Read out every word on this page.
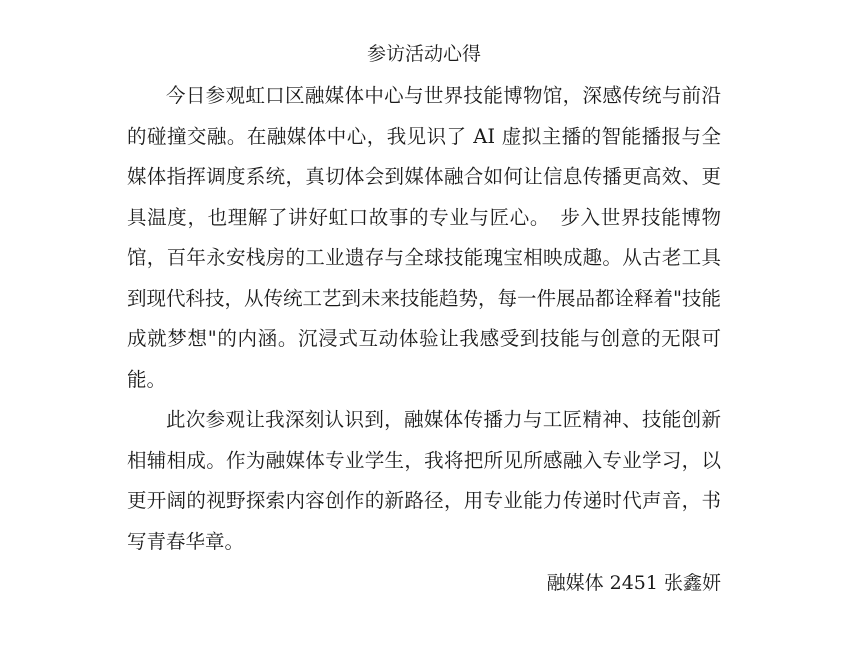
参访活动心得

今日参观虹口区融媒体中心与世界技能博物馆，深感传统与前沿的碰撞交融。在融媒体中心，我见识了 AI 虚拟主播的智能播报与全媒体指挥调度系统，真切体会到媒体融合如何让信息传播更高效、更具温度，也理解了讲好虹口故事的专业与匠心。　步入世界技能博物馆，百年永安栈房的工业遗存与全球技能瑰宝相映成趣。从古老工具到现代科技，从传统工艺到未来技能趋势，每一件展品都诠释着"技能成就梦想"的内涵。沉浸式互动体验让我感受到技能与创意的无限可能。

此次参观让我深刻认识到，融媒体传播力与工匠精神、技能创新相辅相成。作为融媒体专业学生，我将把所见所感融入专业学习，以更开阔的视野探索内容创作的新路径，用专业能力传递时代声音，书写青春华章。

融媒体 2451 张鑫妍
